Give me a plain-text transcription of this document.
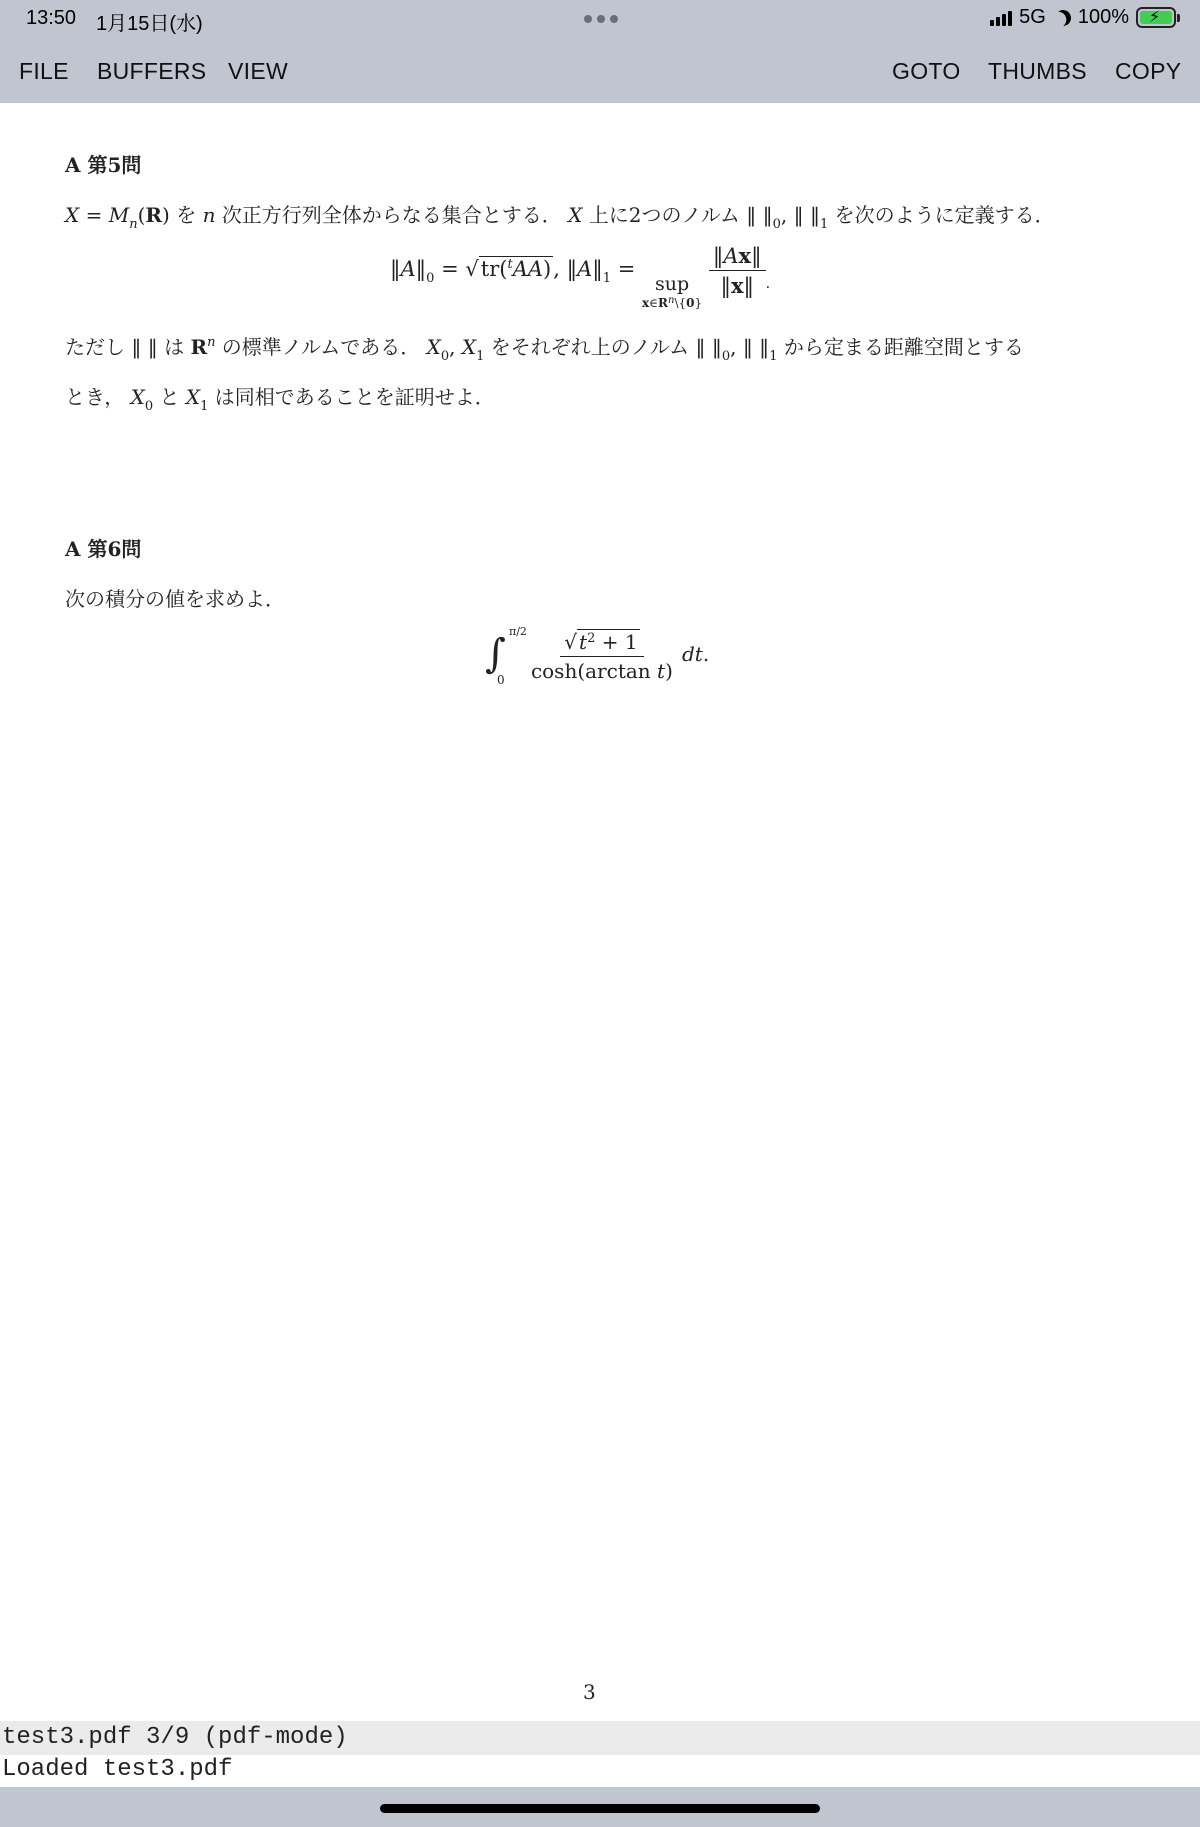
13:50 1月15日(水)	5G 100% ⚡
FILE BUFFERS VIEW	GOTO THUMBS COPY
A 第5問
$X = M_n(R)$ を n 次正方行列全体からなる集合とする． X 上に2つのノルム ‖ $‖_0$, ‖ $‖_1$ を次のように定義する．
$‖A‖_0 = √tr(^tAA)$, $‖A‖_1$ =
sup
$x\in R^n\backslash\{0\}$

$\frac{‖Ax‖}{‖x‖} _.$
ただし ‖ ‖ は $R^n$ の標準ノルムである． $X_0$, $X_1$ をそれぞれ上のノルム ‖ $‖_0$, ‖ $‖_1$ から定まる距離空間とする
とき， $X_0$ と $X_1$ は同相であることを証明せよ．
A 第6問
次の積分の値を求めよ．
∫ π/2
$0 \frac{√ t^2 + 1}{\text{cosh(arctan t)}}$ dt.
3
test3.pdf 3/9 (pdf-mode)
Loaded test3.pdf
